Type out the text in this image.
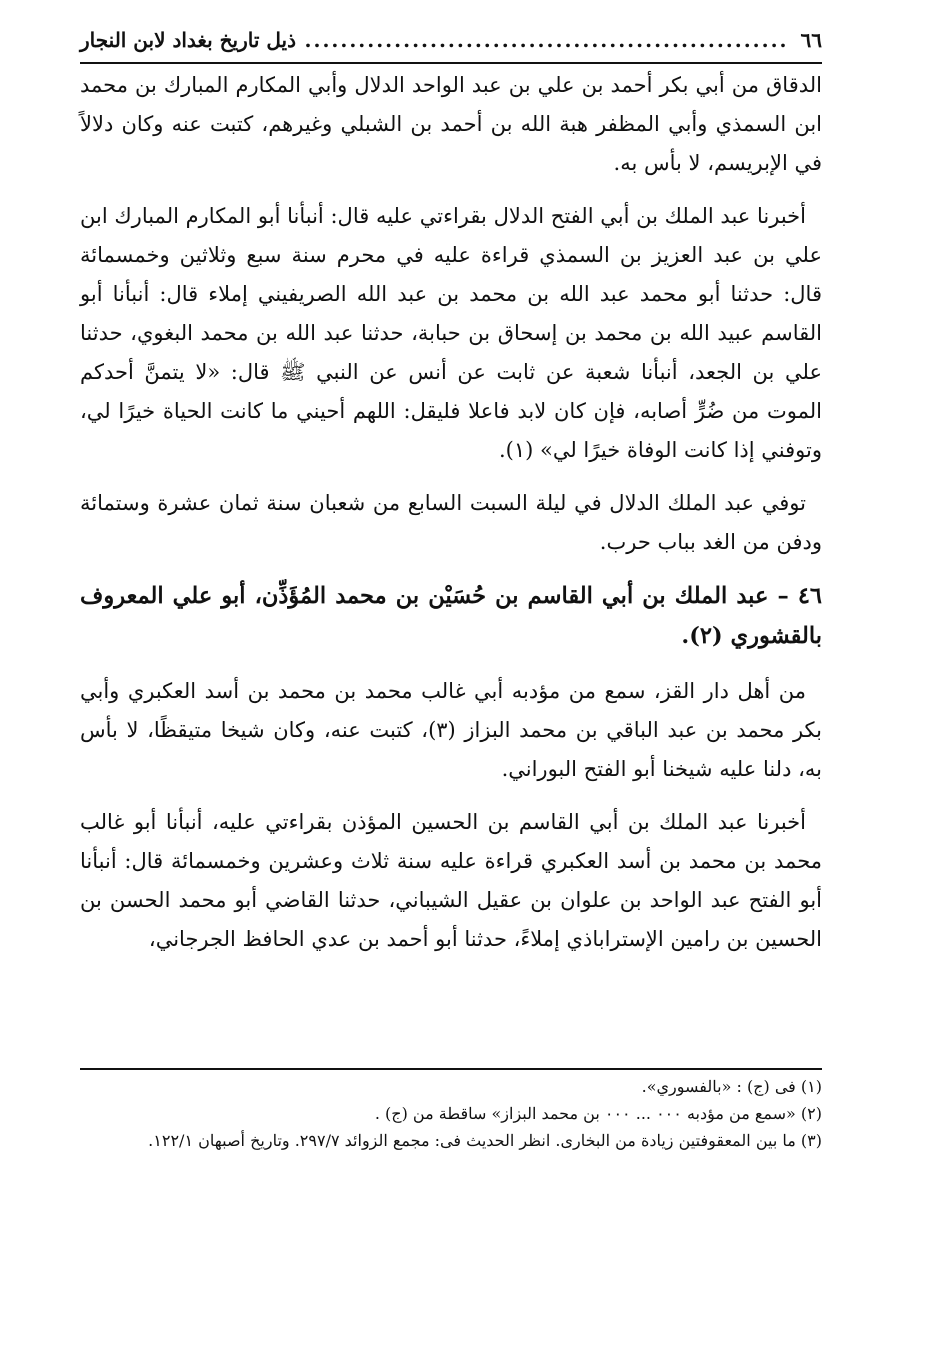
٦٦
.....
ذيل تاريخ بغداد لابن النجار

الدقاق من أبي بكر أحمد بن علي بن عبد الواحد الدلال وأبي المكارم المبارك بن محمد ابن السمذي وأبي المظفر هبة الله بن أحمد بن الشبلي وغيرهم، كتبت عنه وكان دلالاً في الإبريسم، لا بأس به.

أخبرنا عبد الملك بن أبي الفتح الدلال بقراءتي عليه قال: أنبأنا أبو المكارم المبارك ابن علي بن عبد العزيز بن السمذي قراءة عليه في محرم سنة سبع وثلاثين وخمسمائة قال: حدثنا أبو محمد عبد الله بن محمد بن عبد الله الصريفيني إملاء قال: أنبأنا أبو القاسم عبيد الله بن محمد بن إسحاق بن حبابة، حدثنا عبد الله بن محمد البغوي، حدثنا علي بن الجعد، أنبأنا شعبة عن ثابت عن أنس عن النبي ﷺ قال: «لا يتمنَّ أحدكم الموت من ضُرٍّ أصابه، فإن كان لابد فاعلا فليقل: اللهم أحيني ما كانت الحياة خيرًا لي، وتوفني إذا كانت الوفاة خيرًا لي» (١).

توفي عبد الملك الدلال في ليلة السبت السابع من شعبان سنة ثمان عشرة وستمائة ودفن من الغد بباب حرب.

٤٦ – عبد الملك بن أبي القاسم بن حُسَيْن بن محمد المُؤَذِّن، أبو علي المعروف بالقشوري (٢).

من أهل دار القز، سمع من مؤدبه أبي غالب محمد بن محمد بن أسد العكبري وأبي بكر محمد بن عبد الباقي بن محمد البزاز (٣)، كتبت عنه، وكان شيخا متيقظًا، لا بأس به، دلنا عليه شيخنا أبو الفتح البوراني.

أخبرنا عبد الملك بن أبي القاسم بن الحسين المؤذن بقراءتي عليه، أنبأنا أبو غالب محمد بن محمد بن أسد العكبري قراءة عليه سنة ثلاث وعشرين وخمسمائة قال: أنبأنا أبو الفتح عبد الواحد بن علوان بن عقيل الشيباني، حدثنا القاضي أبو محمد الحسن بن الحسين بن رامين الإستراباذي إملاءً، حدثنا أبو أحمد بن عدي الحافظ الجرجاني،

(١) فى (ج) : «بالفسوري».
(٢) «سمع من مؤدبه ٠٠٠ ... ٠٠٠ بن محمد البزاز» ساقطة من (ج) .
(٣) ما بين المعقوفتين زيادة من البخارى. انظر الحديث فى: مجمع الزوائد ٢٩٧/٧. وتاريخ أصبهان ١٢٢/١.
